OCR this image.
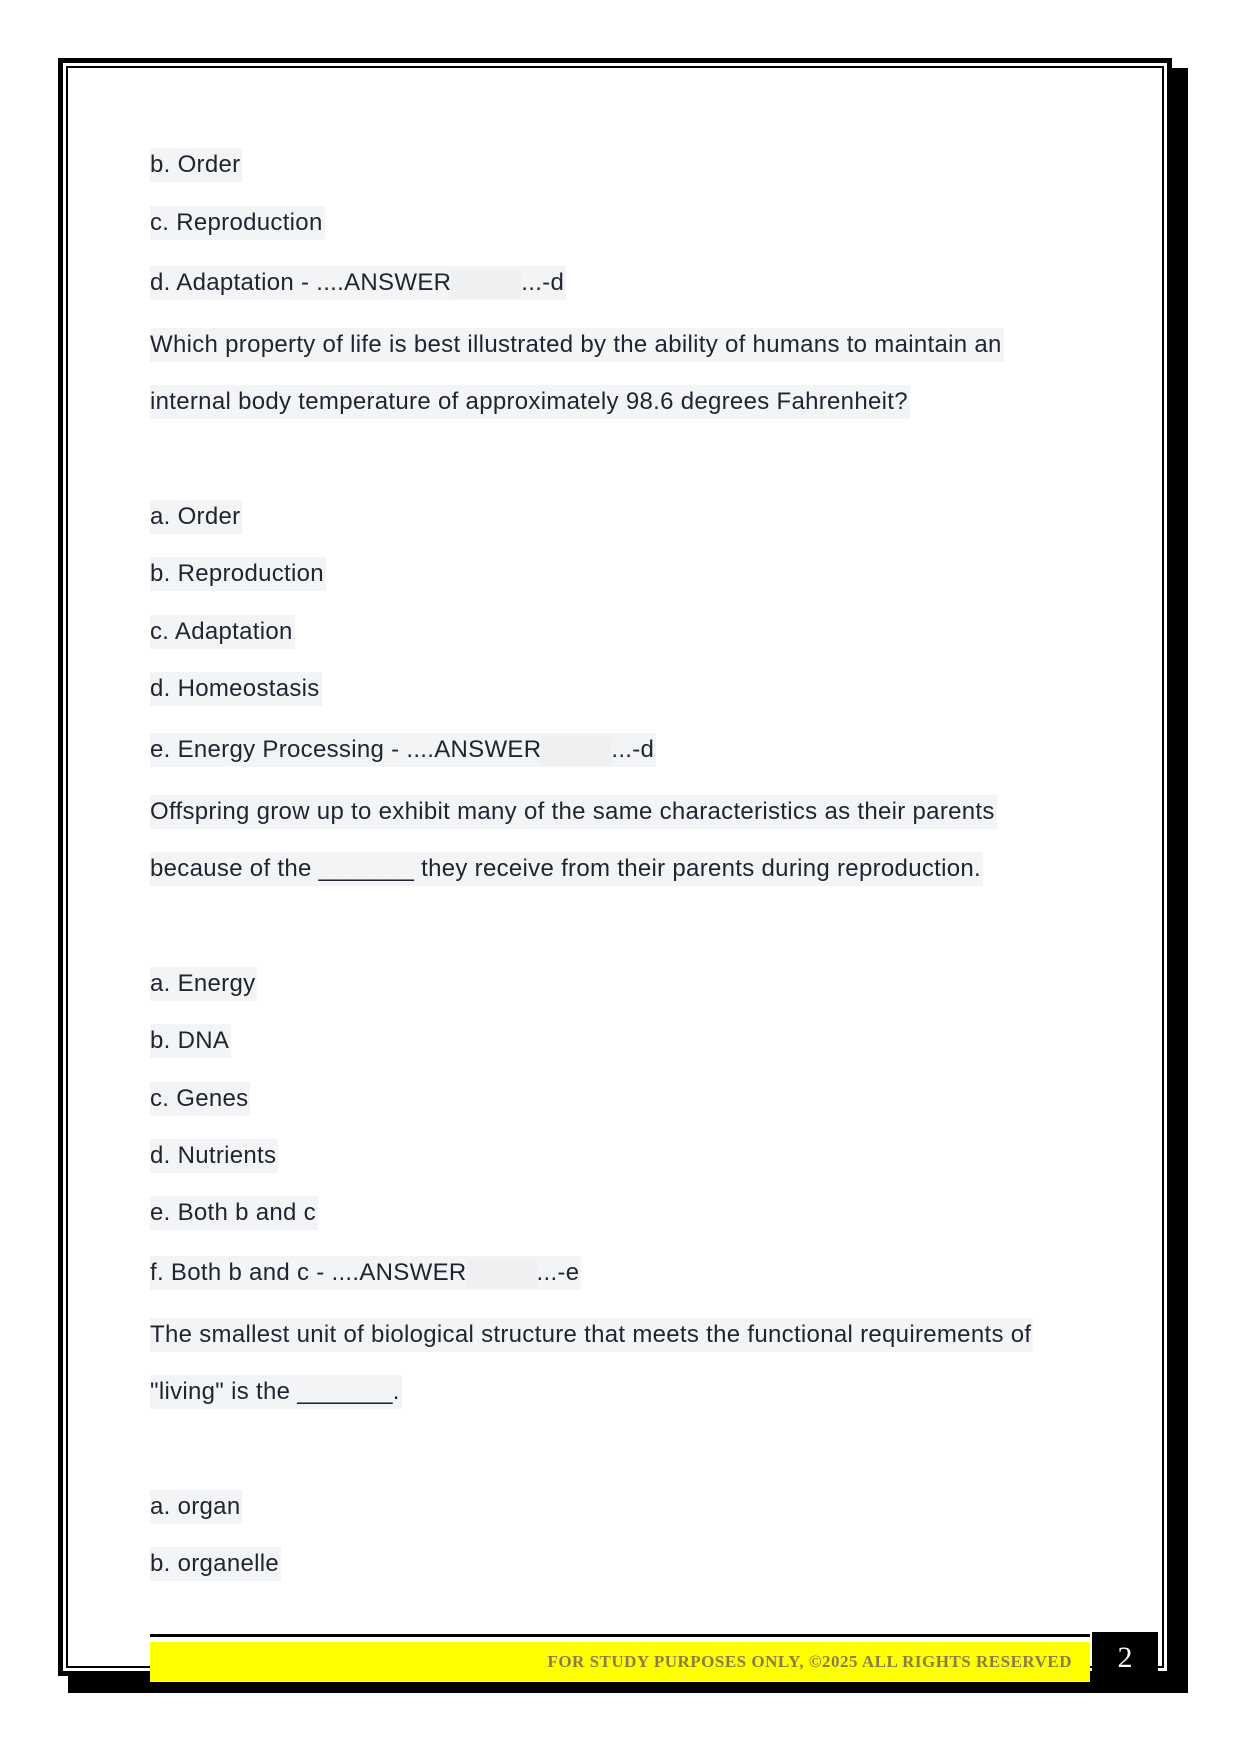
b. Order
c. Reproduction
d. Adaptation - ....ANSWER	...-d
Which property of life is best illustrated by the ability of humans to maintain an
internal body temperature of approximately 98.6 degrees Fahrenheit?
a. Order
b. Reproduction
c. Adaptation
d. Homeostasis
e. Energy Processing - ....ANSWER	...-d
Offspring grow up to exhibit many of the same characteristics as their parents
because of the _______ they receive from their parents during reproduction.
a. Energy
b. DNA
c. Genes
d. Nutrients
e. Both b and c
f. Both b and c - ....ANSWER	...-e
The smallest unit of biological structure that meets the functional requirements of
"living" is the _______.
a. organ
b. organelle
FOR STUDY PURPOSES ONLY, ©2025 ALL RIGHTS RESERVED 2
